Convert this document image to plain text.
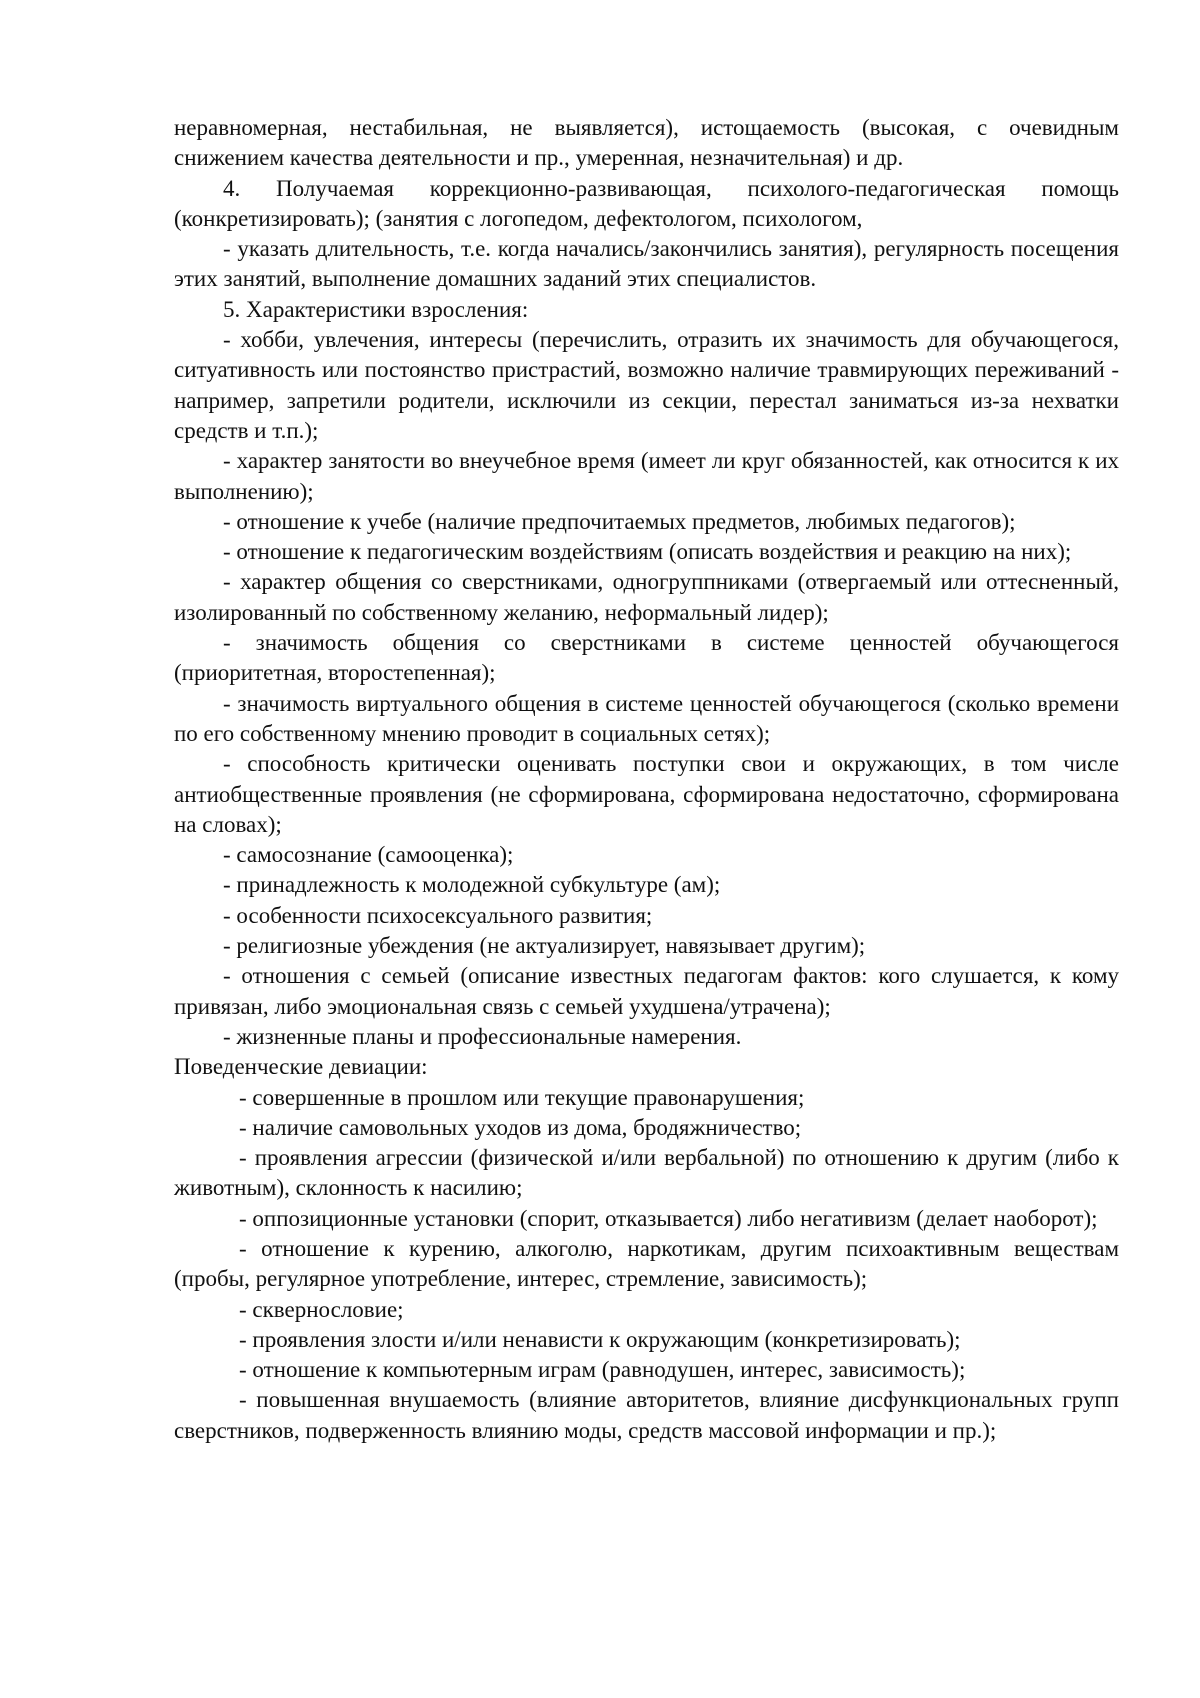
неравномерная, нестабильная, не выявляется), истощаемость (высокая, с очевидным снижением качества деятельности и пр., умеренная, незначительная) и др.

4. Получаемая коррекционно-развивающая, психолого-педагогическая помощь (конкретизировать); (занятия с логопедом, дефектологом, психологом,

- указать длительность, т.е. когда начались/закончились занятия), регулярность посещения этих занятий, выполнение домашних заданий этих специалистов.

5. Характеристики взросления:

- хобби, увлечения, интересы (перечислить, отразить их значимость для обучающегося, ситуативность или постоянство пристрастий, возможно наличие травмирующих переживаний - например, запретили родители, исключили из секции, перестал заниматься из-за нехватки средств и т.п.);

- характер занятости во внеучебное время (имеет ли круг обязанностей, как относится к их выполнению);

- отношение к учебе (наличие предпочитаемых предметов, любимых педагогов);

- отношение к педагогическим воздействиям (описать воздействия и реакцию на них);

- характер общения со сверстниками, одногруппниками (отвергаемый или оттесненный, изолированный по собственному желанию, неформальный лидер);

- значимость общения со сверстниками в системе ценностей обучающегося (приоритетная, второстепенная);

- значимость виртуального общения в системе ценностей обучающегося (сколько времени по его собственному мнению проводит в социальных сетях);

- способность критически оценивать поступки свои и окружающих, в том числе антиобщественные проявления (не сформирована, сформирована недостаточно, сформирована на словах);

- самосознание (самооценка);

- принадлежность к молодежной субкультуре (ам);

- особенности психосексуального развития;

- религиозные убеждения (не актуализирует, навязывает другим);

- отношения с семьей (описание известных педагогам фактов: кого слушается, к кому привязан, либо эмоциональная связь с семьей ухудшена/утрачена);

- жизненные планы и профессиональные намерения.

Поведенческие девиации:

- совершенные в прошлом или текущие правонарушения;

- наличие самовольных уходов из дома, бродяжничество;

- проявления агрессии (физической и/или вербальной) по отношению к другим (либо к животным), склонность к насилию;

- оппозиционные установки (спорит, отказывается) либо негативизм (делает наоборот);

- отношение к курению, алкоголю, наркотикам, другим психоактивным веществам (пробы, регулярное употребление, интерес, стремление, зависимость);

- сквернословие;

- проявления злости и/или ненависти к окружающим (конкретизировать);

- отношение к компьютерным играм (равнодушен, интерес, зависимость);

- повышенная внушаемость (влияние авторитетов, влияние дисфункциональных групп сверстников, подверженность влиянию моды, средств массовой информации и пр.);
